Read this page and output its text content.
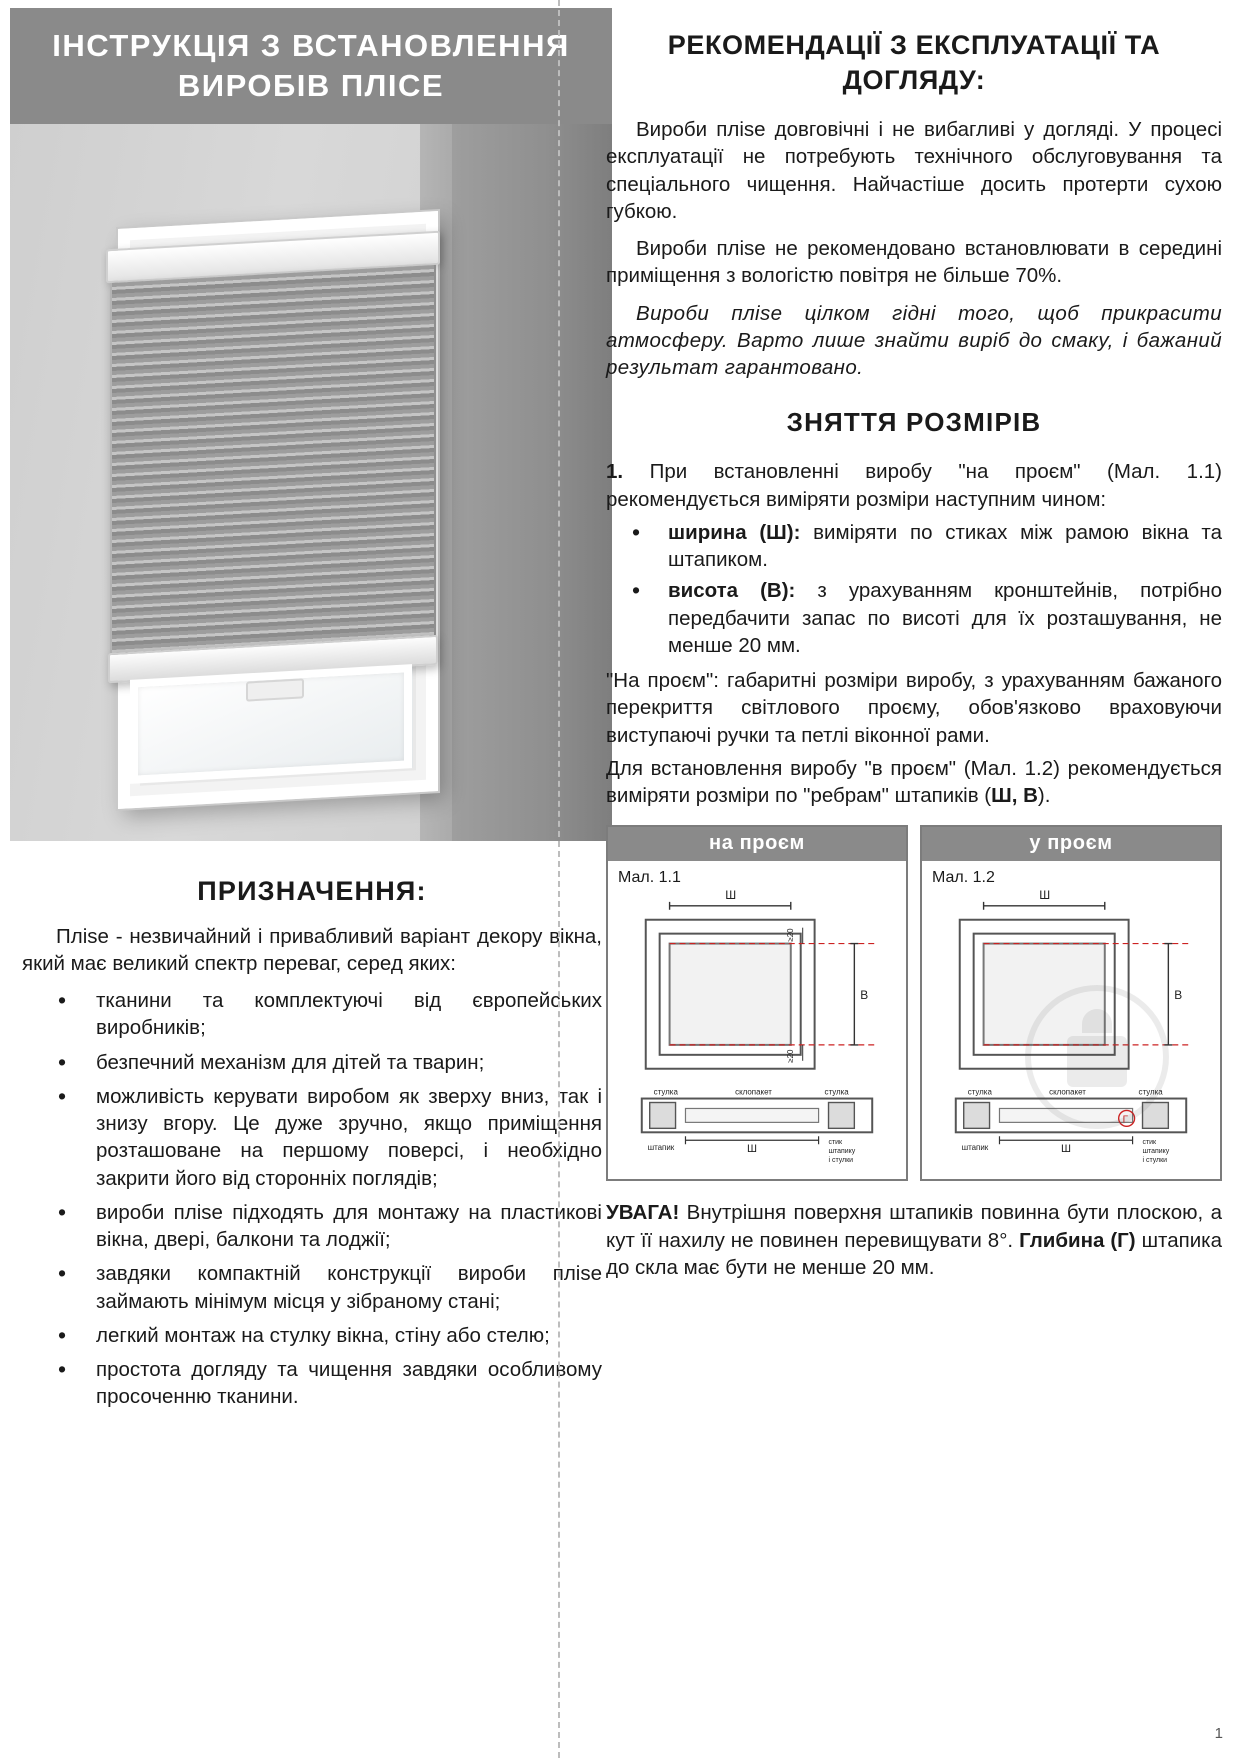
ІНСТРУКЦІЯ З ВСТАНОВЛЕННЯ ВИРОБІВ ПЛІСЕ
ПРИЗНАЧЕННЯ:

Пліse - незвичайний і привабливий варіант декору вікна, який має великий спектр переваг, серед яких:

• тканини та комплектуючі від європейських виробників;
• безпечний механізм для дітей та тварин;
• можливість керувати виробом як зверху вниз, так і знизу вгору. Це дуже зручно, якщо приміщення розташоване на першому поверсі, і необхідно закрити його від сторонніх поглядів;
• вироби пліse підходять для монтажу на пластикові вікна, двері, балкони та лоджії;
• завдяки компактній конструкції вироби пліse займають мінімум місця у зібраному стані;
• легкий монтаж на стулку вікна, стіну або стелю;
• простота догляду та чищення завдяки особливому просоченню тканини.
РЕКОМЕНДАЦІЇ З ЕКСПЛУАТАЦІЇ ТА ДОГЛЯДУ:

Вироби пліse довговічні і не вибагливі у догляді. У процесі експлуатації не потребують технічного обслуговування та спеціального чищення. Найчастіше досить протерти сухою губкою.

Вироби пліse не рекомендовано встановлювати в середині приміщення з вологістю повітря не більше 70%.

Вироби пліse цілком гідні того, щоб прикрасити атмосферу. Варто лише знайти виріб до смаку, і бажаний результат гарантовано.

ЗНЯТТЯ РОЗМІРІВ

1. При встановленні виробу "на проєм" (Мал. 1.1) рекомендується виміряти розміри наступним чином:

• ширина (Ш): виміряти по стиках між рамою вікна та штапиком.
• висота (В): з урахуванням кронштейнів, потрібно передбачити запас по висоті для їх розташування, не менше 20 мм.

"На проєм": габаритні розміри виробу, з урахуванням бажаного перекриття світлового проєму, обов'язково враховуючи виступаючі ручки та петлі віконної рами.

Для встановлення виробу "в проєм" (Мал. 1.2) рекомендується виміряти розміри по "ребрам" штапиків (Ш, В).

на проєм
Мал. 1.1
Ш
В
≥20
≥20
стулка	склопакет	стулка
штапик	Ш
стик
штапику
і стулки
у проєм
Мал. 1.2
Ш
В
стулка	склопакет	стулка
штапик
Г
Ш
стик
штапику
і стулки

УВАГА! Внутрішня поверхня штапиків повинна бути плоскою, а кут її нахилу не повинен перевищувати 8°. Глибина (Г) штапика до скла має бути не менше 20 мм.

1
